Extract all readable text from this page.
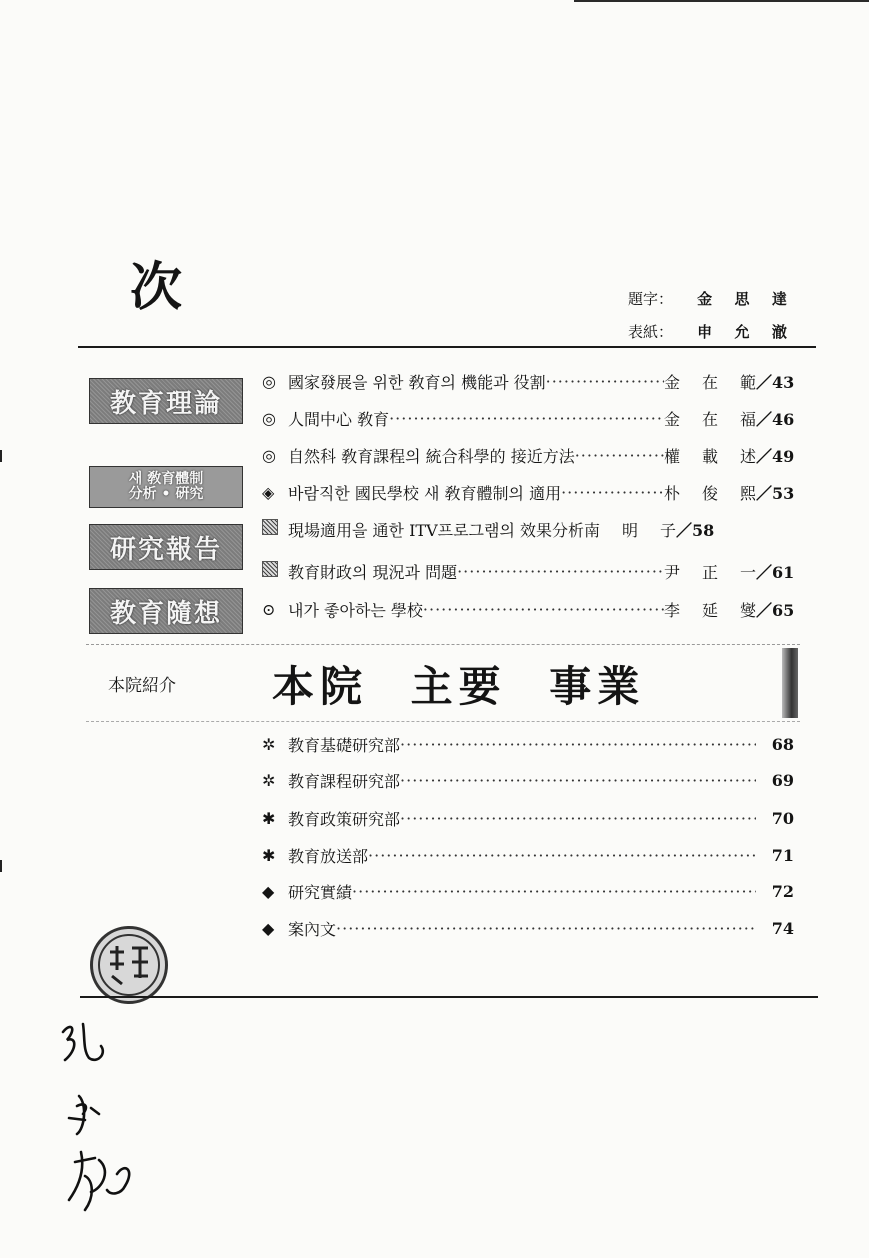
次	題字：	金	思	達
表紙：	申	允	澈
教育理論
새 敎育體制
分析 • 硏究
研究報告
教育隨想
◎ 國家發展을 위한 敎育의 機能과 役割 ·····	金 在 範 ／43
◎ 人間中心 敎育 ·····	金 在 福 ／46
◎ 自然科 敎育課程의 統合科學的 接近方法 ·····	權 載 述 ／49
◈ 바람직한 國民學校 새 敎育體制의 適用 ·····	朴 俊 熙 ／53
現場適用을 通한 ITV프로그램의 效果分析 南 明 子 ／58
教育財政의 現況과 問題 ·····	尹 正 一 ／61
⊙ 내가 좋아하는 學校 ·····	李 延 燮 ／65
本院紹介 本院 主要 事業
✲ 教育基礎研究部 ·····	68
✲ 教育課程研究部 ·····	69
✱ 教育政策研究部 ·····	70
✱ 教育放送部 ·····	71
◆ 研究實績 ·····	72
◆ 案內文 ·····	74
